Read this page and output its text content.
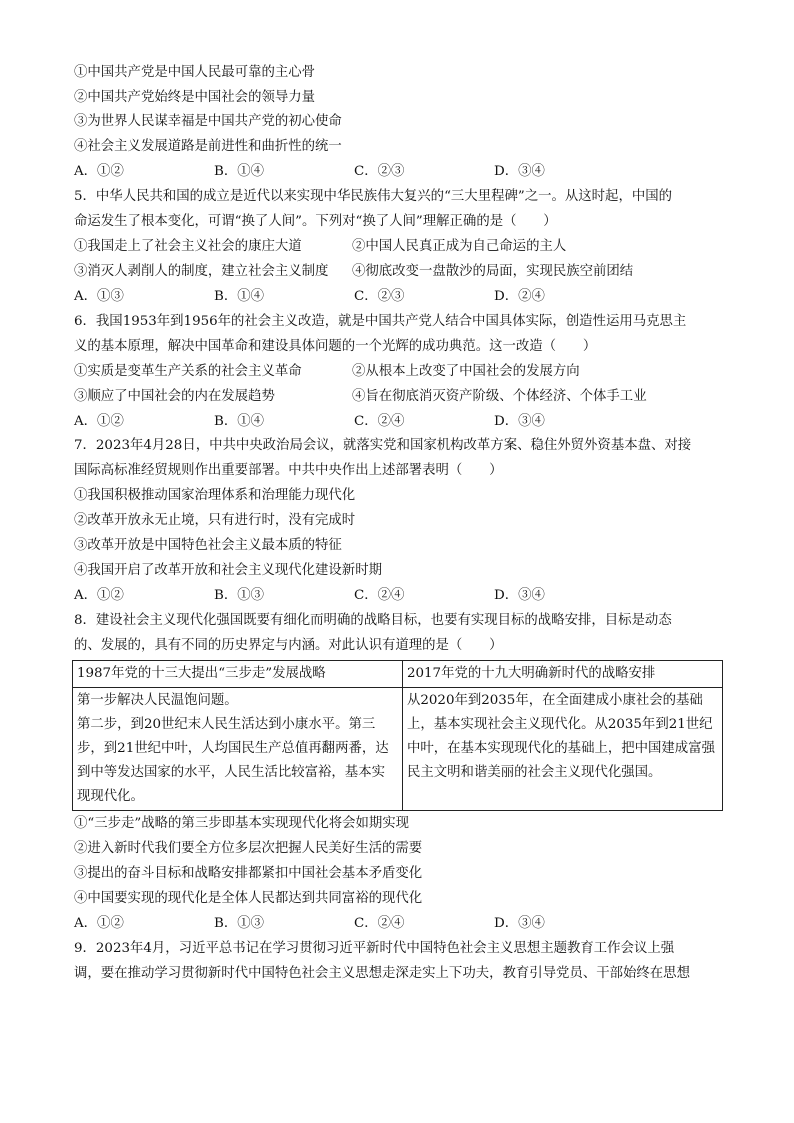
①中国共产党是中国人民最可靠的主心骨
②中国共产党始终是中国社会的领导力量
③为世界人民谋幸福是中国共产党的初心使命
④社会主义发展道路是前进性和曲折性的统一
A．①②	B．①④	C．②③	D．③④
5．中华人民共和国的成立是近代以来实现中华民族伟大复兴的“三大里程碑”之一。从这时起，中国的
命运发生了根本变化，可谓“换了人间”。下列对“换了人间”理解正确的是（　　）
①我国走上了社会主义社会的康庄大道	②中国人民真正成为自己命运的主人
③消灭人剥削人的制度，建立社会主义制度 ④彻底改变一盘散沙的局面，实现民族空前团结
A．①③	B．①④	C．②③	D．②④
6．我国1953年到1956年的社会主义改造，就是中国共产党人结合中国具体实际，创造性运用马克思主
义的基本原理，解决中国革命和建设具体问题的一个光辉的成功典范。这一改造（　　）
①实质是变革生产关系的社会主义革命	②从根本上改变了中国社会的发展方向
③顺应了中国社会的内在发展趋势	④旨在彻底消灭资产阶级、个体经济、个体手工业
A．①②	B．①④	C．②④	D．③④
7．2023年4月28日，中共中央政治局会议，就落实党和国家机构改革方案、稳住外贸外资基本盘、对接
国际高标准经贸规则作出重要部署。中共中央作出上述部署表明（　　）
①我国积极推动国家治理体系和治理能力现代化
②改革开放永无止境，只有进行时，没有完成时
③改革开放是中国特色社会主义最本质的特征
④我国开启了改革开放和社会主义现代化建设新时期
A．①②	B．①③	C．②④	D．③④
8．建设社会主义现代化强国既要有细化而明确的战略目标，也要有实现目标的战略安排，目标是动态
的、发展的，具有不同的历史界定与内涵。对此认识有道理的是（　　）
1987年党的十三大提出“三步走”发展战略	2017年党的十九大明确新时代的战略安排

第一步解决人民温饱问题。
第二步，到20世纪末人民生活达到小康水平。第三步，到21世纪中叶，人均国民生产总值再翻两番，达到中等发达国家的水平，人民生活比较富裕，基本实现现代化。	从2020年到2035年，在全面建成小康社会的基础上，基本实现社会主义现代化。从2035年到21世纪中叶，在基本实现现代化的基础上，把中国建成富强民主文明和谐美丽的社会主义现代化强国。
①“三步走”战略的第三步即基本实现现代化将会如期实现
②进入新时代我们要全方位多层次把握人民美好生活的需要
③提出的奋斗目标和战略安排都紧扣中国社会基本矛盾变化
④中国要实现的现代化是全体人民都达到共同富裕的现代化
A．①②	B．①③	C．②④	D．③④
9．2023年4月，习近平总书记在学习贯彻习近平新时代中国特色社会主义思想主题教育工作会议上强
调，要在推动学习贯彻新时代中国特色社会主义思想走深走实上下功夫，教育引导党员、干部始终在思想
